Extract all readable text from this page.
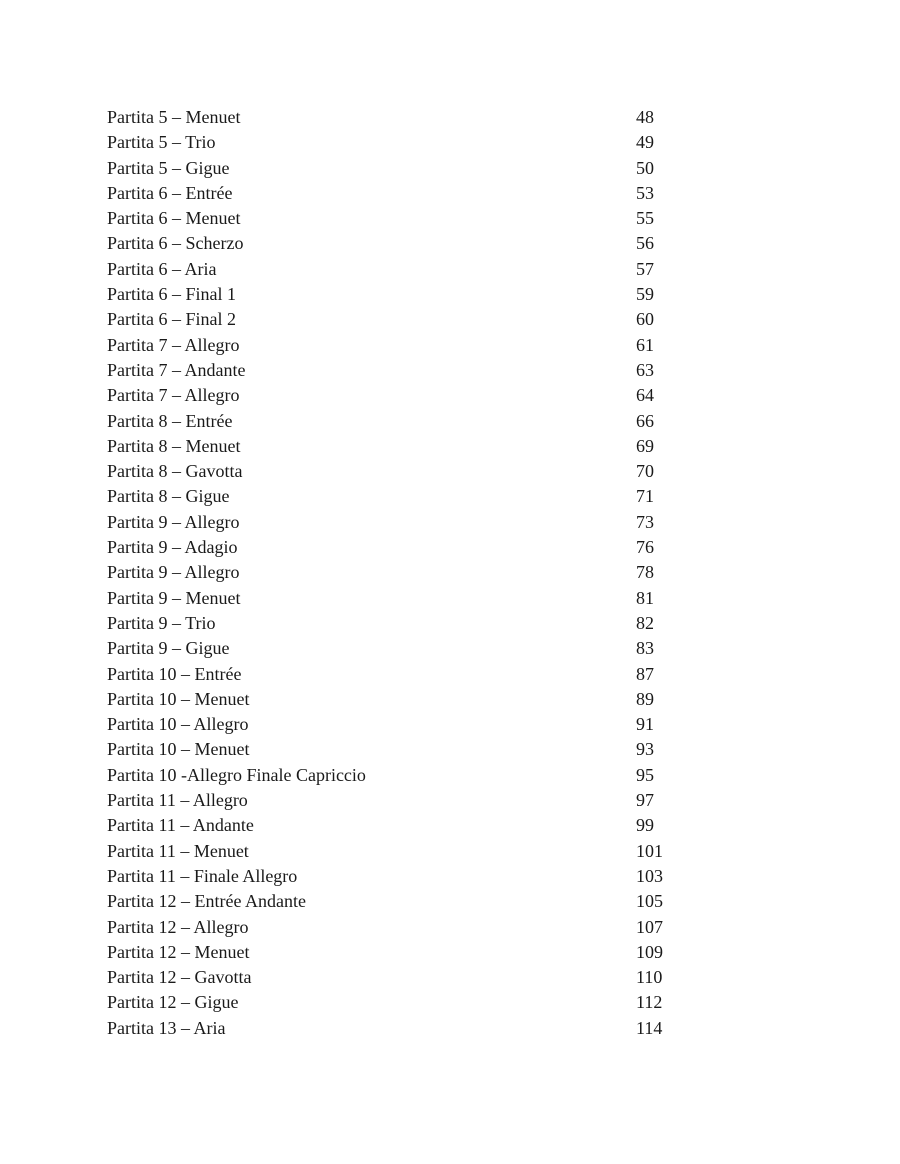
Partita 5 – Menuet	48
Partita 5 – Trio	49
Partita 5 – Gigue	50
Partita 6 – Entrée	53
Partita 6 – Menuet	55
Partita 6 – Scherzo	56
Partita 6 – Aria	57
Partita 6 – Final 1	59
Partita 6 – Final 2	60
Partita 7 – Allegro	61
Partita 7 – Andante	63
Partita 7 – Allegro	64
Partita 8 – Entrée	66
Partita 8 – Menuet	69
Partita 8 – Gavotta	70
Partita 8 – Gigue	71
Partita 9 – Allegro	73
Partita 9 – Adagio	76
Partita 9 – Allegro	78
Partita 9 – Menuet	81
Partita 9 – Trio	82
Partita 9 – Gigue	83
Partita 10 – Entrée	87
Partita 10 – Menuet	89
Partita 10 – Allegro	91
Partita 10 – Menuet	93
Partita 10 -Allegro Finale Capriccio	95
Partita 11 – Allegro	97
Partita 11 – Andante	99
Partita 11 – Menuet	101
Partita 11 – Finale Allegro	103
Partita 12 – Entrée Andante	105
Partita 12 – Allegro	107
Partita 12 – Menuet	109
Partita 12 – Gavotta	110
Partita 12 – Gigue	112
Partita 13 – Aria	114
